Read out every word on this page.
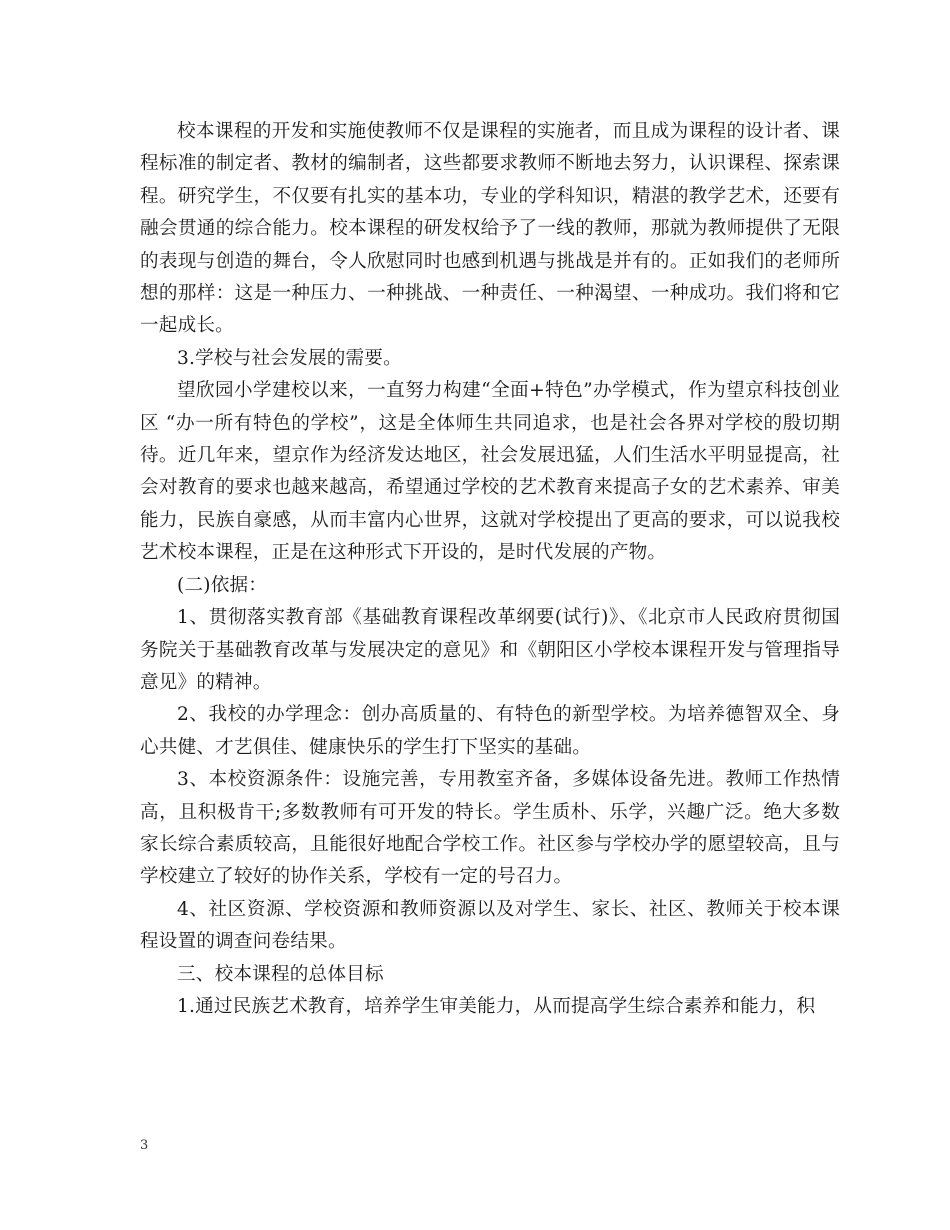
校本课程的开发和实施使教师不仅是课程的实施者，而且成为课程的设计者、课程标准的制定者、教材的编制者，这些都要求教师不断地去努力，认识课程、探索课程。研究学生，不仅要有扎实的基本功，专业的学科知识，精湛的教学艺术，还要有融会贯通的综合能力。校本课程的研发权给予了一线的教师，那就为教师提供了无限的表现与创造的舞台，令人欣慰同时也感到机遇与挑战是并有的。正如我们的老师所想的那样：这是一种压力、一种挑战、一种责任、一种渴望、一种成功。我们将和它一起成长。

3.学校与社会发展的需要。

望欣园小学建校以来，一直努力构建“全面+特色”办学模式，作为望京科技创业区 “办一所有特色的学校”，这是全体师生共同追求，也是社会各界对学校的殷切期待。近几年来，望京作为经济发达地区，社会发展迅猛，人们生活水平明显提高，社会对教育的要求也越来越高，希望通过学校的艺术教育来提高子女的艺术素养、审美能力，民族自豪感，从而丰富内心世界，这就对学校提出了更高的要求，可以说我校艺术校本课程，正是在这种形式下开设的，是时代发展的产物。

(二)依据：

1、贯彻落实教育部《基础教育课程改革纲要(试行)》、《北京市人民政府贯彻国务院关于基础教育改革与发展决定的意见》和《朝阳区小学校本课程开发与管理指导意见》的精神。

2、我校的办学理念：创办高质量的、有特色的新型学校。为培养德智双全、身心共健、才艺俱佳、健康快乐的学生打下坚实的基础。

3、本校资源条件：设施完善，专用教室齐备，多媒体设备先进。教师工作热情高，且积极肯干;多数教师有可开发的特长。学生质朴、乐学，兴趣广泛。绝大多数家长综合素质较高，且能很好地配合学校工作。社区参与学校办学的愿望较高，且与学校建立了较好的协作关系，学校有一定的号召力。

4、社区资源、学校资源和教师资源以及对学生、家长、社区、教师关于校本课程设置的调查问卷结果。

三、校本课程的总体目标

1.通过民族艺术教育，培养学生审美能力，从而提高学生综合素养和能力，积

3
